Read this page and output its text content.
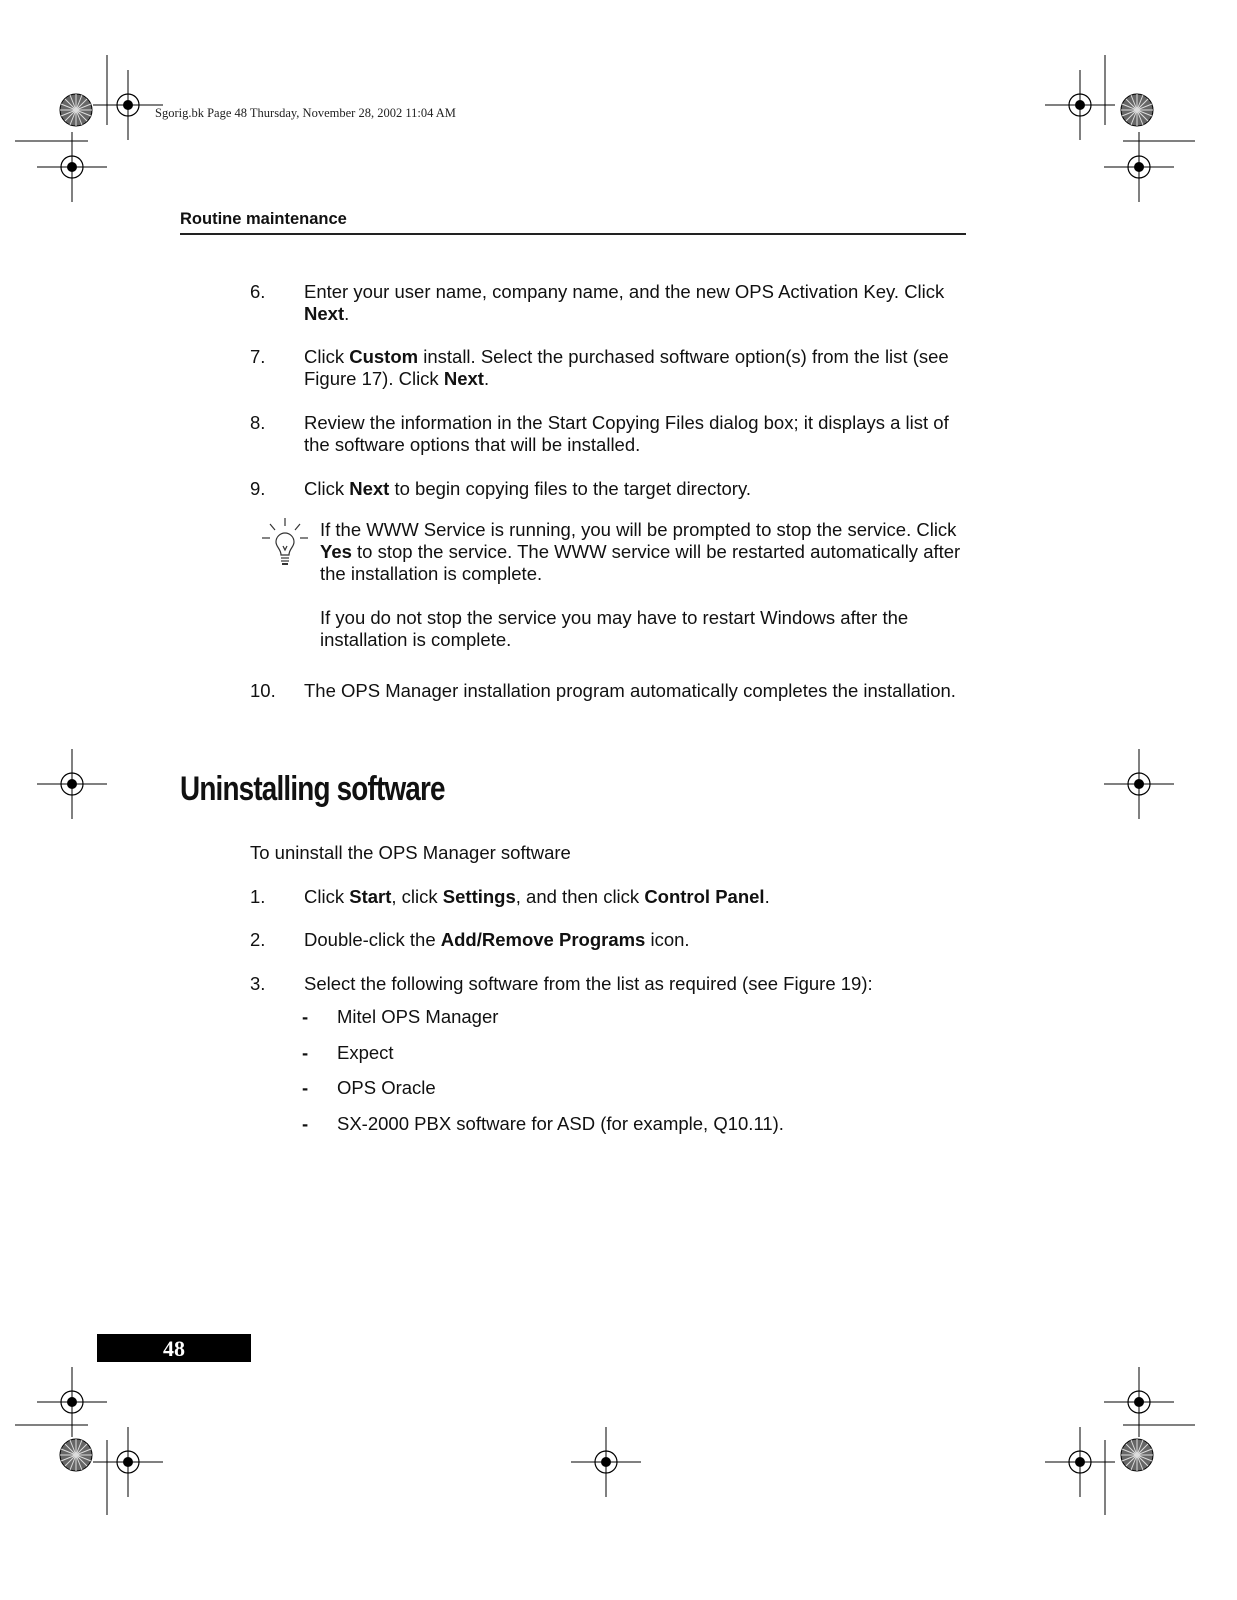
Sgorig.bk Page 48 Thursday, November 28, 2002 11:04 AM
Routine maintenance
6. Enter your user name, company name, and the new OPS Activation Key. Click Next.
7. Click Custom install. Select the purchased software option(s) from the list (see Figure 17). Click Next.
8. Review the information in the Start Copying Files dialog box; it displays a list of the software options that will be installed.
9. Click Next to begin copying files to the target directory.

If the WWW Service is running, you will be prompted to stop the service. Click Yes to stop the service. The WWW service will be restarted automatically after the installation is complete.

If you do not stop the service you may have to restart Windows after the installation is complete.

10. The OPS Manager installation program automatically completes the installation.
Uninstalling software
To uninstall the OPS Manager software
1. Click Start, click Settings, and then click Control Panel.
2. Double-click the Add/Remove Programs icon.
3. Select the following software from the list as required (see Figure 19):
- Mitel OPS Manager
- Expect
- OPS Oracle
- SX-2000 PBX software for ASD (for example, Q10.11).
48
